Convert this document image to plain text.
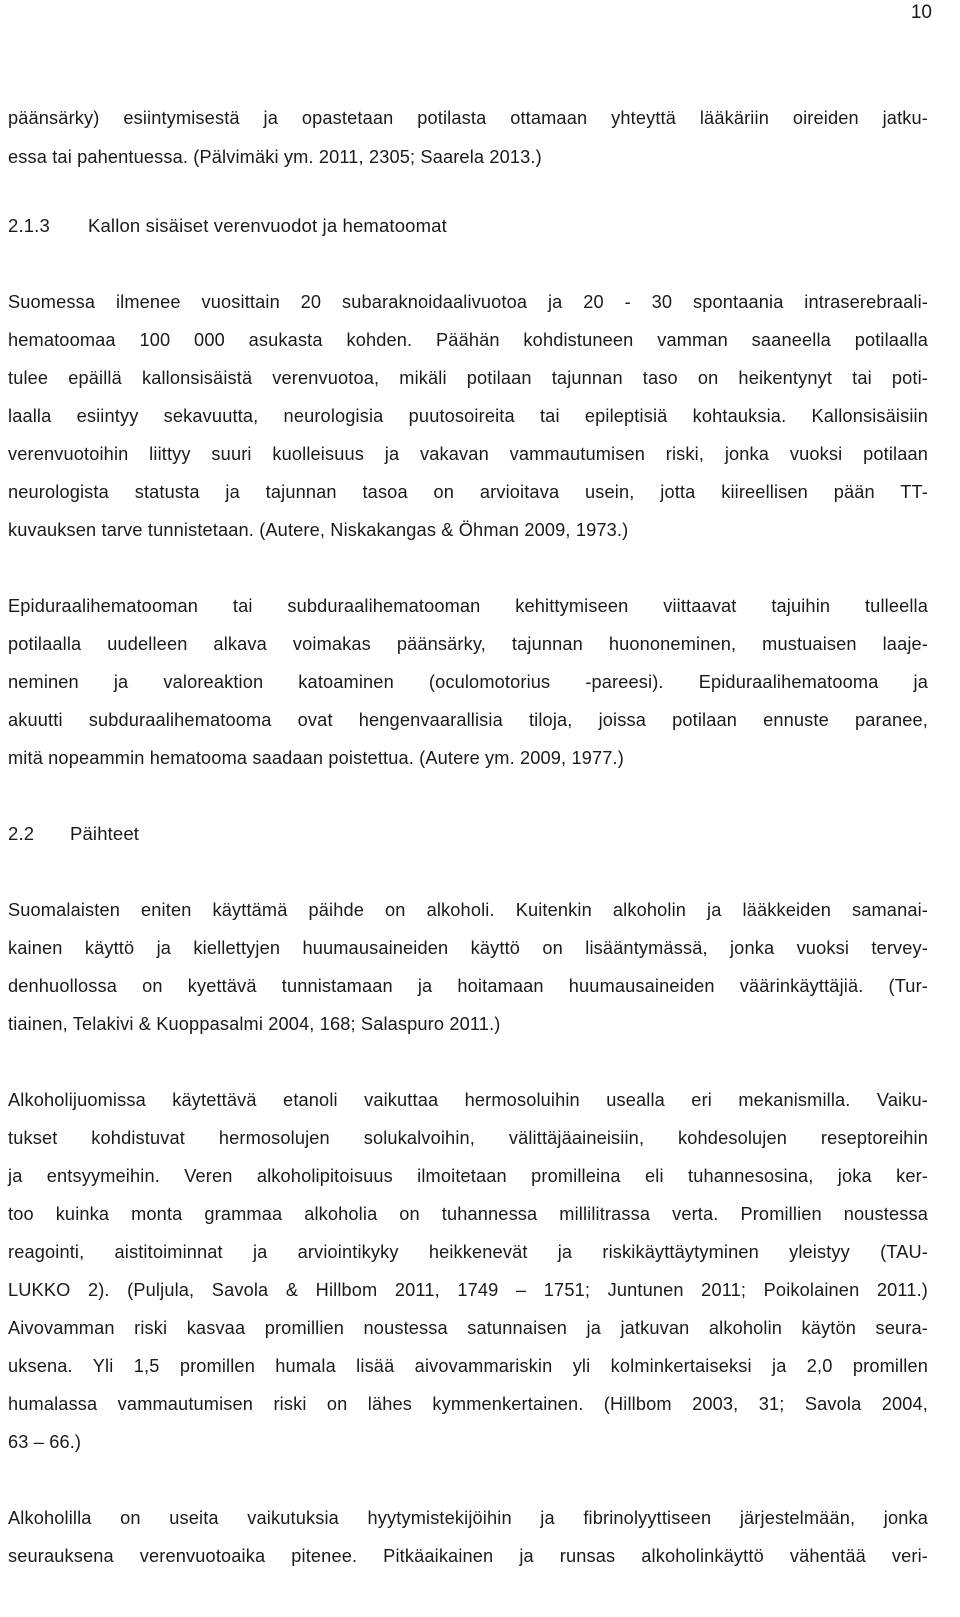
10
päänsärky) esiintymisestä ja opastetaan potilasta ottamaan yhteyttä lääkäriin oireiden jatku-
essa tai pahentuessa. (Pälvimäki ym. 2011, 2305; Saarela 2013.)
2.1.3 Kallon sisäiset verenvuodot ja hematoomat
Suomessa ilmenee vuosittain 20 subaraknoidaalivuotoa ja 20 - 30 spontaania intraserebraali-
hematoomaa 100 000 asukasta kohden. Päähän kohdistuneen vamman saaneella potilaalla
tulee epäillä kallonsisäistä verenvuotoa, mikäli potilaan tajunnan taso on heikentynyt tai poti-
laalla esiintyy sekavuutta, neurologisia puutosoireita tai epileptisiä kohtauksia. Kallonsisäisiin
verenvuotoihin liittyy suuri kuolleisuus ja vakavan vammautumisen riski, jonka vuoksi potilaan
neurologista statusta ja tajunnan tasoa on arvioitava usein, jotta kiireellisen pään TT-
kuvauksen tarve tunnistetaan. (Autere, Niskakangas & Öhman 2009, 1973.)
Epiduraalihematooman tai subduraalihematooman kehittymiseen viittaavat tajuihin tulleella
potilaalla uudelleen alkava voimakas päänsärky, tajunnan huononeminen, mustuaisen laaje-
neminen ja valoreaktion katoaminen (oculomotorius -pareesi). Epiduraalihematooma ja
akuutti subduraalihematooma ovat hengenvaarallisia tiloja, joissa potilaan ennuste paranee,
mitä nopeammin hematooma saadaan poistettua. (Autere ym. 2009, 1977.)
2.2 Päihteet
Suomalaisten eniten käyttämä päihde on alkoholi. Kuitenkin alkoholin ja lääkkeiden samanai-
kainen käyttö ja kiellettyjen huumausaineiden käyttö on lisääntymässä, jonka vuoksi tervey-
denhuollossa on kyettävä tunnistamaan ja hoitamaan huumausaineiden väärinkäyttäjiä. (Tur-
tiainen, Telakivi & Kuoppasalmi 2004, 168; Salaspuro 2011.)
Alkoholijuomissa käytettävä etanoli vaikuttaa hermosoluihin usealla eri mekanismilla. Vaiku-
tukset kohdistuvat hermosolujen solukalvoihin, välittäjäaineisiin, kohdesolujen reseptoreihin
ja entsyymeihin. Veren alkoholipitoisuus ilmoitetaan promilleina eli tuhannesosina, joka ker-
too kuinka monta grammaa alkoholia on tuhannessa millilitrassa verta. Promillien noustessa
reagointi, aistitoiminnat ja arviointikyky heikkenevät ja riskikäyttäytyminen yleistyy (TAU-
LUKKO 2). (Puljula, Savola & Hillbom 2011, 1749 – 1751; Juntunen 2011; Poikolainen 2011.)
Aivovamman riski kasvaa promillien noustessa satunnaisen ja jatkuvan alkoholin käytön seura-
uksena. Yli 1,5 promillen humala lisää aivovammariskin yli kolminkertaiseksi ja 2,0 promillen
humalassa vammautumisen riski on lähes kymmenkertainen. (Hillbom 2003, 31; Savola 2004,
63 – 66.)
Alkoholilla on useita vaikutuksia hyytymistekijöihin ja fibrinolyyttiseen järjestelmään, jonka
seurauksena verenvuotoaika pitenee. Pitkäaikainen ja runsas alkoholinkäyttö vähentää veri-
